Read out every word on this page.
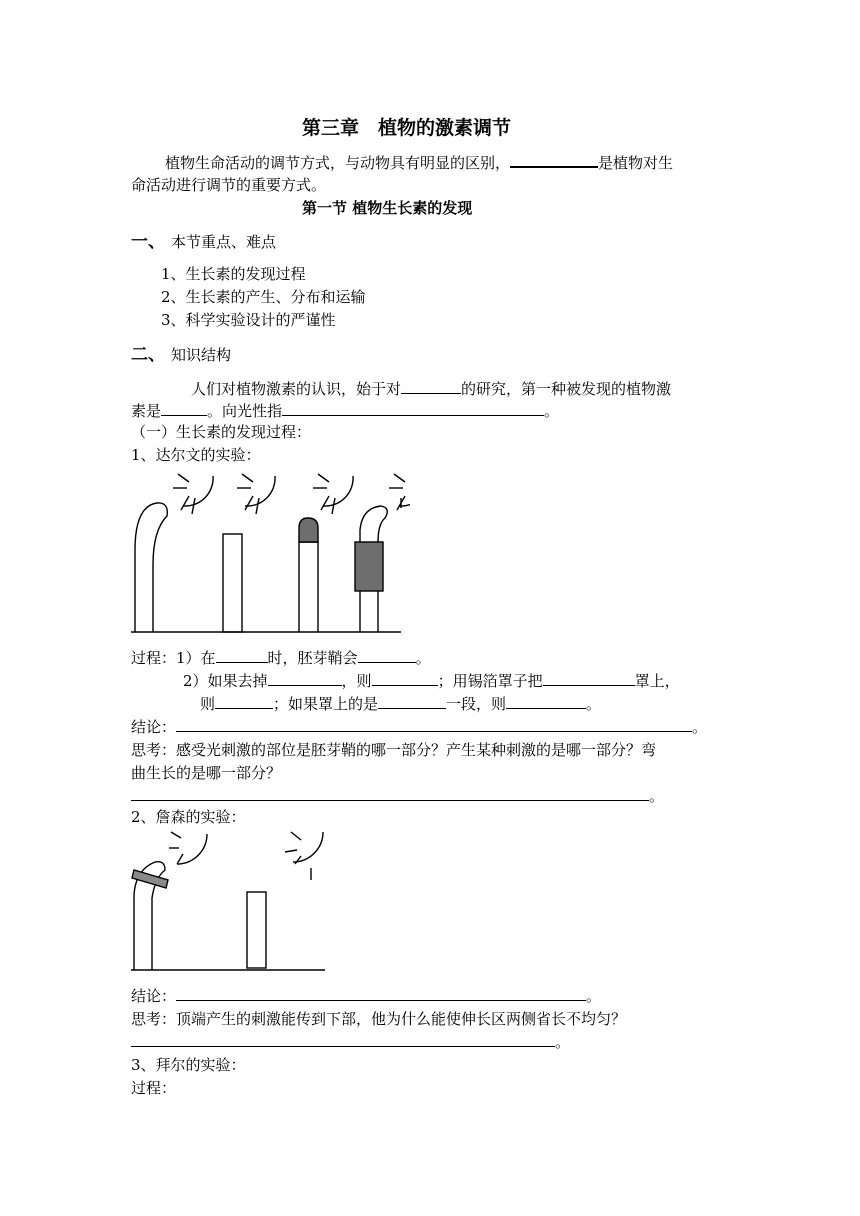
第三章　植物的激素调节
植物生命活动的调节方式，与动物具有明显的区别，	是植物对生
命活动进行调节的重要方式。
第一节 植物生长素的发现
一、 本节重点、难点
1、生长素的发现过程
2、生长素的产生、分布和运输
3、科学实验设计的严谨性
二、 知识结构
人们对植物激素的认识，始于对	的研究，第一种被发现的植物激
素是	。向光性指	。
（一）生长素的发现过程：
1、达尔文的实验：
过程：1）在	时，胚芽鞘会	。
2）如果去掉	，则	；用锡箔罩子把	罩上，
则	；如果罩上的是	一段，则	。
结论：	。
思考：感受光刺激的部位是胚芽鞘的哪一部分？产生某种刺激的是哪一部分？弯
曲生长的是哪一部分？
。
2、詹森的实验：
结论：	。
思考：顶端产生的刺激能传到下部，他为什么能使伸长区两侧省长不均匀？
。
3、拜尔的实验：
过程：
